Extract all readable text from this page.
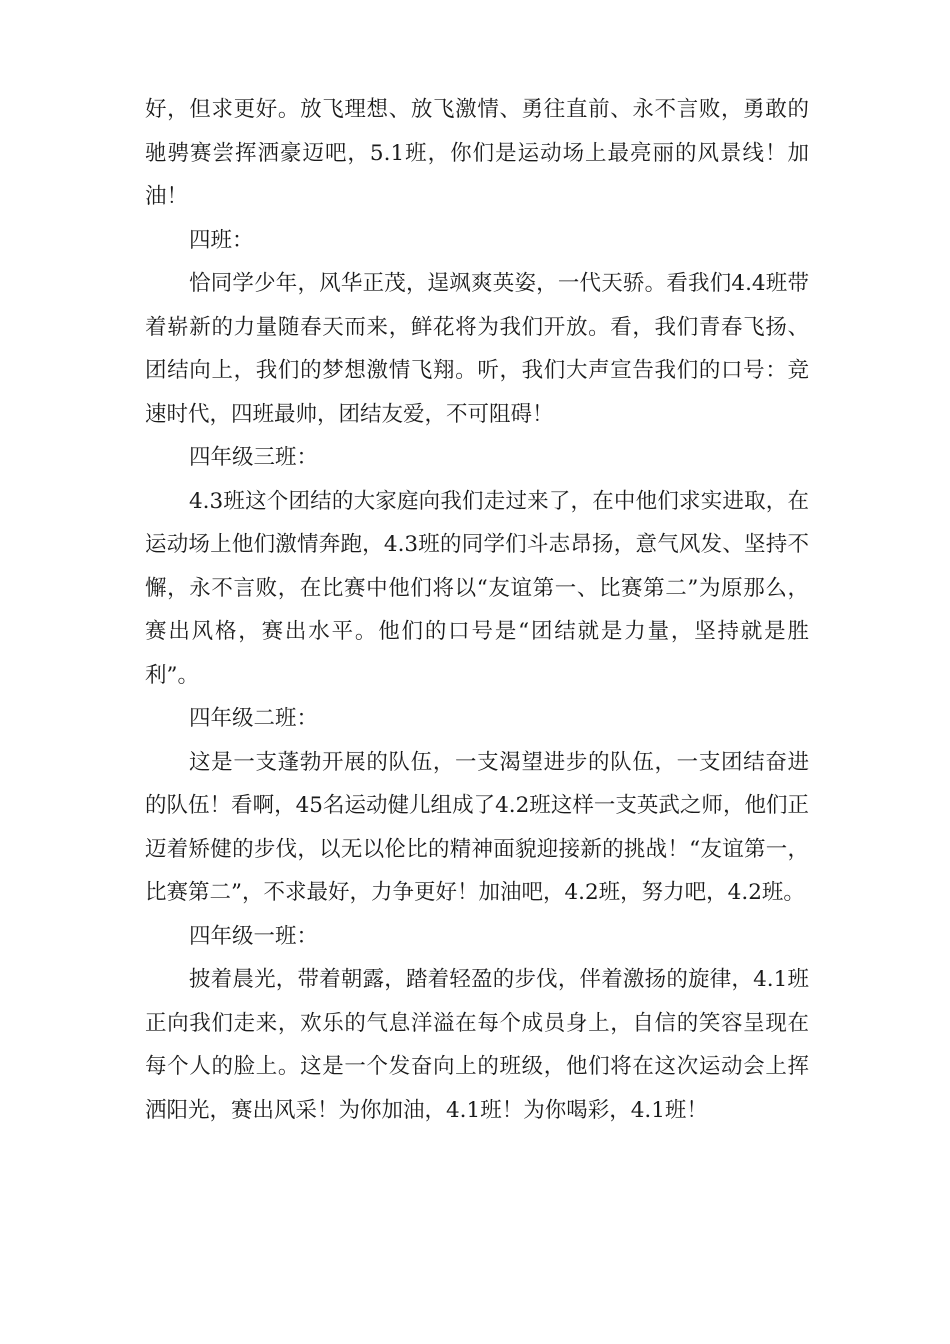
好，但求更好。放飞理想、放飞激情、勇往直前、永不言败，勇敢的驰骋赛尝挥洒豪迈吧，5.1班，你们是运动场上最亮丽的风景线！加油！

四班：

恰同学少年，风华正茂，逞飒爽英姿，一代天骄。看我们4.4班带着崭新的力量随春天而来，鲜花将为我们开放。看，我们青春飞扬、团结向上，我们的梦想激情飞翔。听，我们大声宣告我们的口号：竞速时代，四班最帅，团结友爱，不可阻碍！

四年级三班：

4.3班这个团结的大家庭向我们走过来了，在中他们求实进取，在运动场上他们激情奔跑，4.3班的同学们斗志昂扬，意气风发、坚持不懈，永不言败，在比赛中他们将以“友谊第一、比赛第二”为原那么，赛出风格，赛出水平。他们的口号是“团结就是力量，坚持就是胜利”。

四年级二班：

这是一支蓬勃开展的队伍，一支渴望进步的队伍，一支团结奋进的队伍！看啊，45名运动健儿组成了4.2班这样一支英武之师，他们正迈着矫健的步伐，以无以伦比的精神面貌迎接新的挑战！“友谊第一，比赛第二”，不求最好，力争更好！加油吧，4.2班，努力吧，4.2班。

四年级一班：

披着晨光，带着朝露，踏着轻盈的步伐，伴着激扬的旋律，4.1班正向我们走来，欢乐的气息洋溢在每个成员身上，自信的笑容呈现在每个人的脸上。这是一个发奋向上的班级，他们将在这次运动会上挥洒阳光，赛出风采！为你加油，4.1班！为你喝彩，4.1班！
